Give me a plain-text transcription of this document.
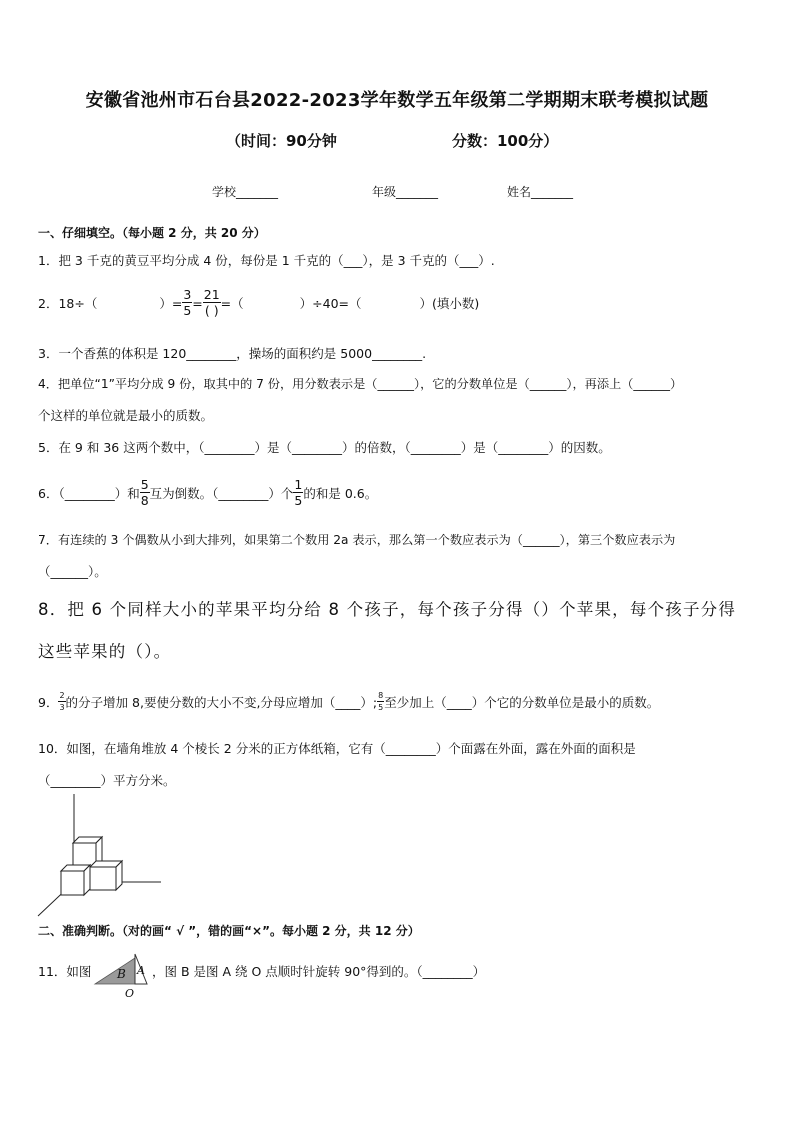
安徽省池州市石台县2022-2023学年数学五年级第二学期期末联考模拟试题
（时间：90分钟	分数：100分）
学校_______	年级_______	姓名_______
一、仔细填空。（每小题 2 分，共 20 分）
1．把 3 千克的黄豆平均分成 4 份，每份是 1 千克的（___），是 3 千克的（___）.
2．18÷（	）= $\frac{3}{5} = \frac{21}{( )}$ =（	）÷40=（	）(填小数)
3．一个香蕉的体积是 120________，操场的面积约是 5000________.
4．把单位“1”平均分成 9 份，取其中的 7 份，用分数表示是（______），它的分数单位是（______），再添上（______）
个这样的单位就是最小的质数。
5．在 9 和 36 这两个数中，（________）是（________）的倍数，（________）是（________）的因数。
6．（________）和 $\frac{5}{8}$ 互为倒数。（________）个 $\frac{1}{5}$ 的和是 0.6。
7．有连续的 3 个偶数从小到大排列，如果第二个数用 2a 表示，那么第一个数应表示为（______），第三个数应表示为
（______）。
8．把 6 个同样大小的苹果平均分给 8 个孩子，每个孩子分得（）个苹果，每个孩子分得
这些苹果的（）。
9． $\frac{2}{3}$ 的分子增加 8,要使分数的大小不变,分母应增加（____）; $\frac{8}{5}$ 至少加上（____）个它的分数单位是最小的质数。
10．如图，在墙角堆放 4 个棱长 2 分米的正方体纸箱，它有（________）个面露在外面，露在外面的面积是
（________）平方分米。
二、准确判断。（对的画“ √ ”，错的画“×”。每小题 2 分，共 12 分）
11．如图 B A
O
，图 B 是图 A 绕 O 点顺时针旋转 90°得到的。（________）
